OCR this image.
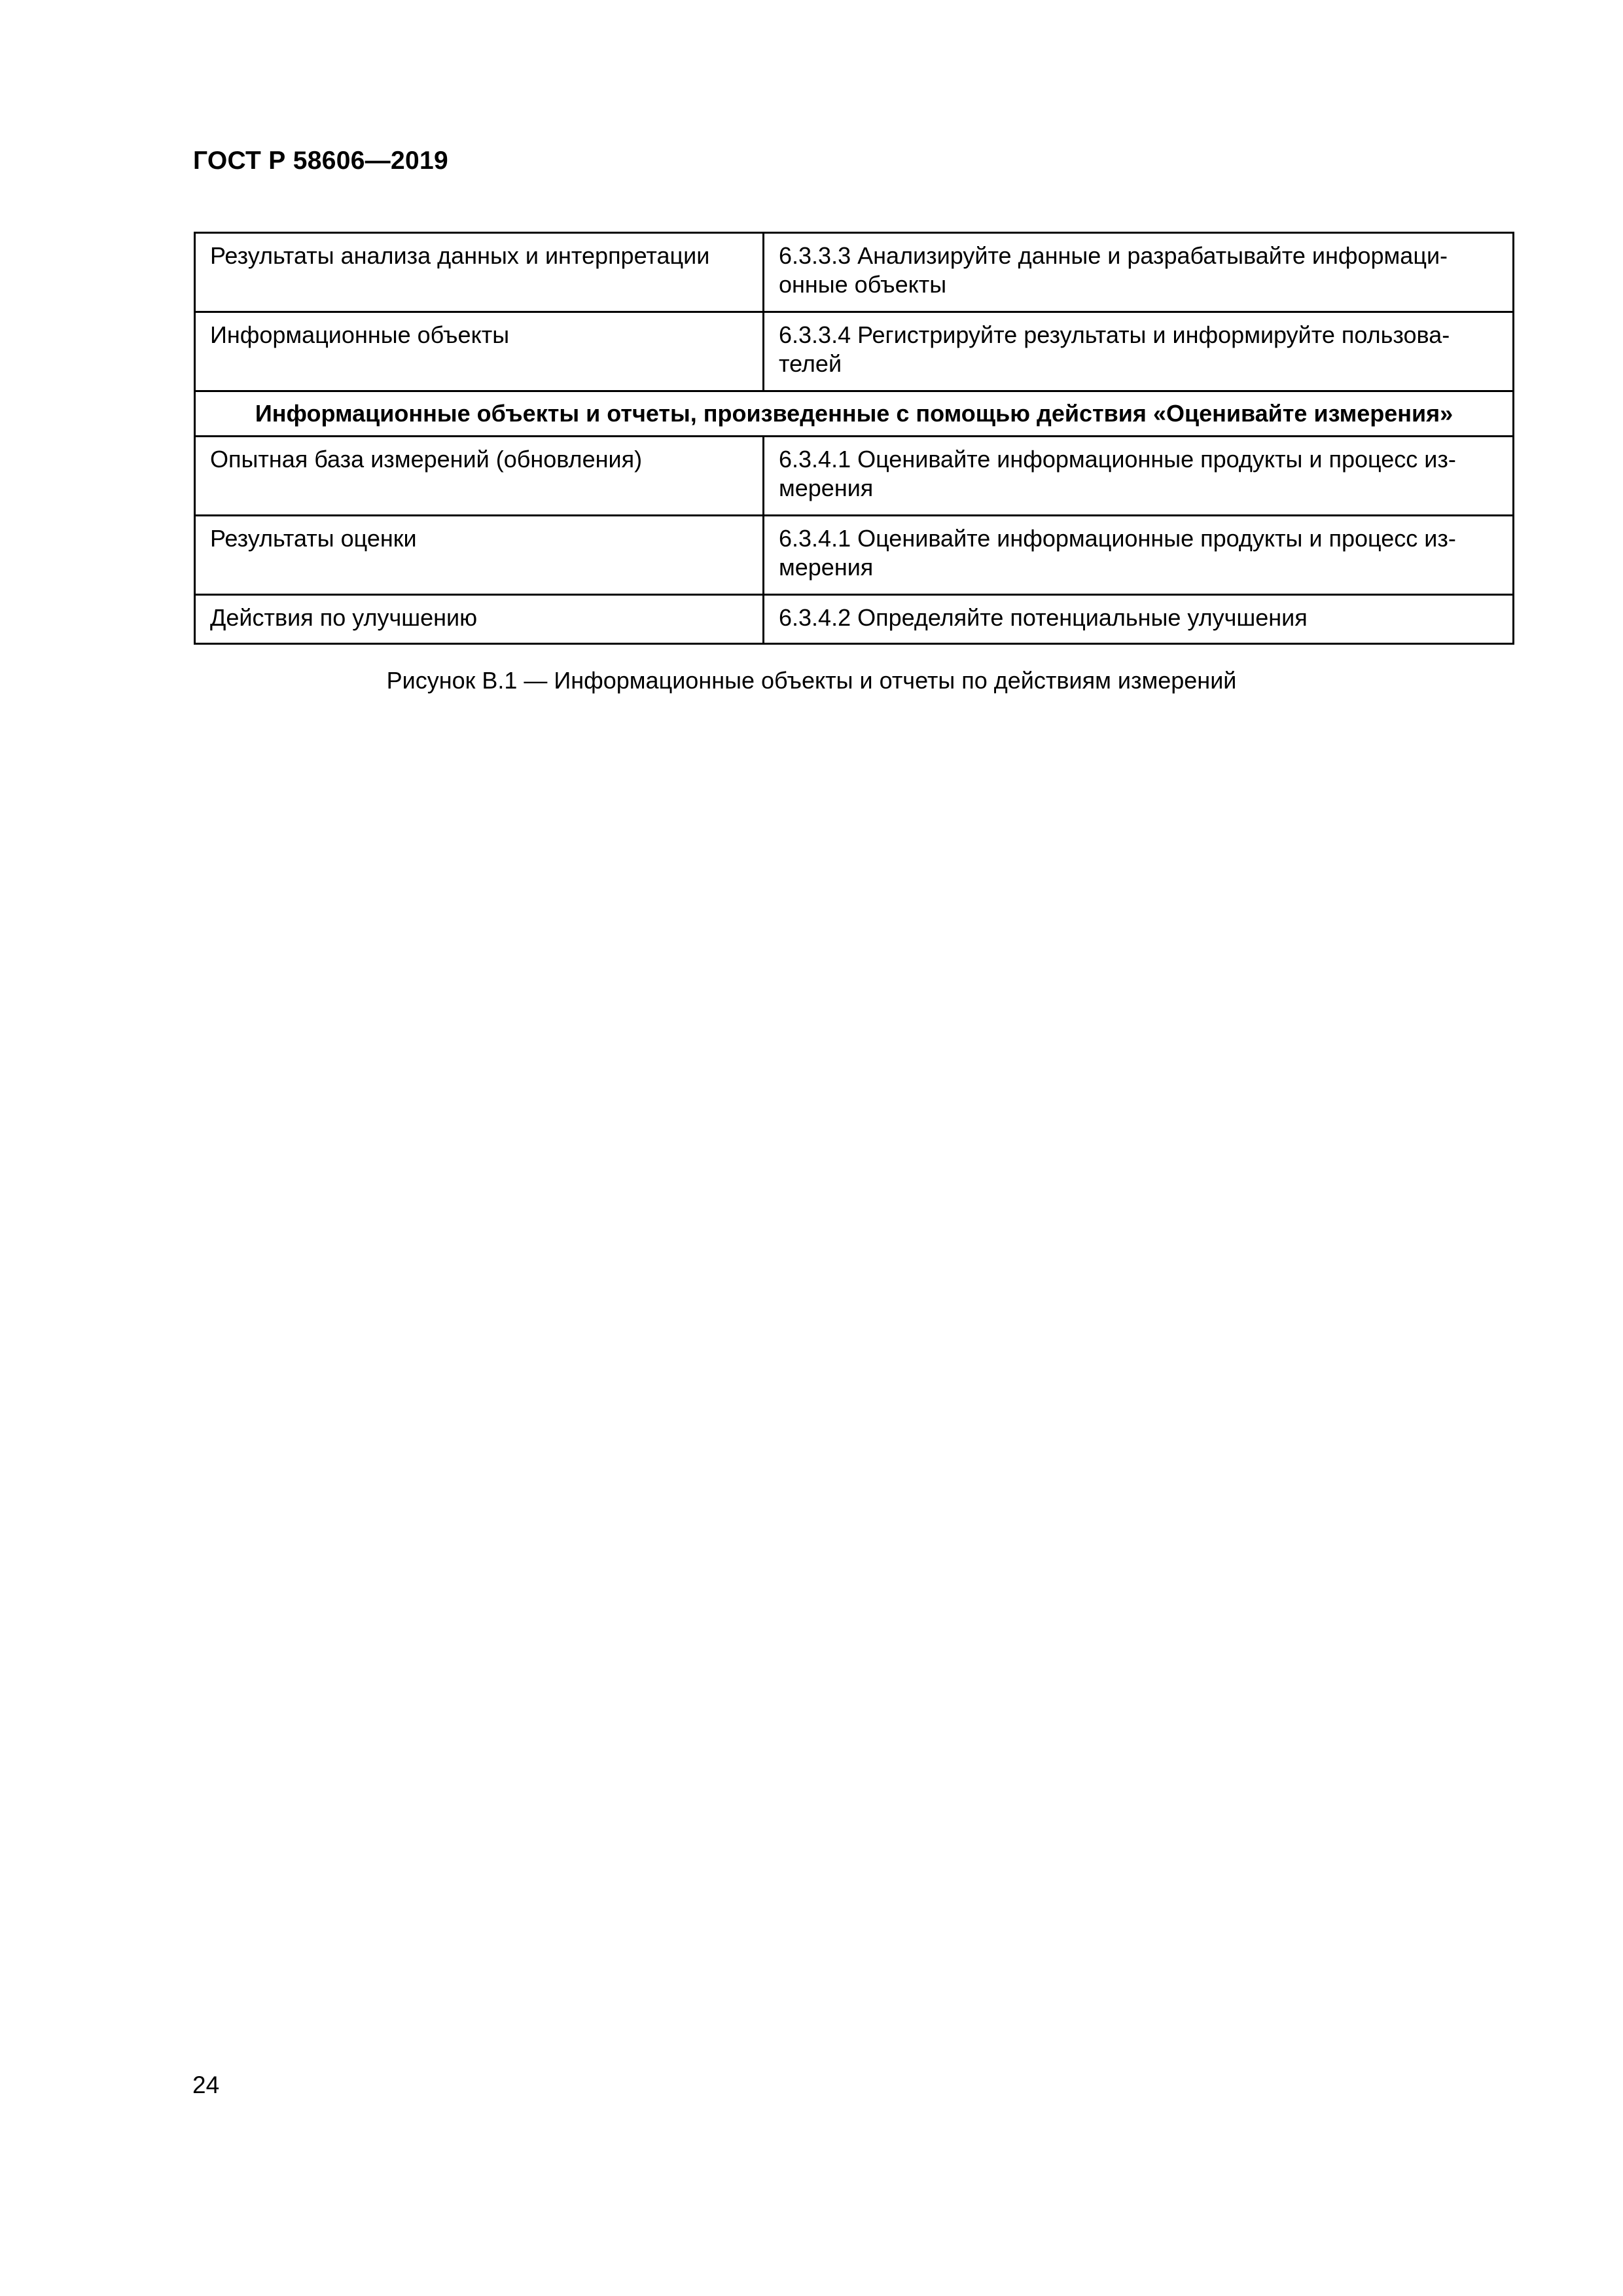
ГОСТ Р 58606—2019
Результаты анализа данных и интерпретации	6.3.3.3 Анализируйте данные и разрабатывайте информаци-
онные объекты

Информационные объекты	6.3.3.4 Регистрируйте результаты и информируйте пользова-
телей

Информационные объекты и отчеты, произведенные с помощью действия «Оценивайте измерения»	
Опытная база измерений (обновления)	6.3.4.1 Оценивайте информационные продукты и процесс из-
мерения

Результаты оценки	6.3.4.1 Оценивайте информационные продукты и процесс из-
мерения

Действия по улучшению	6.3.4.2 Определяйте потенциальные улучшения
Рисунок В.1 — Информационные объекты и отчеты по действиям измерений
24
